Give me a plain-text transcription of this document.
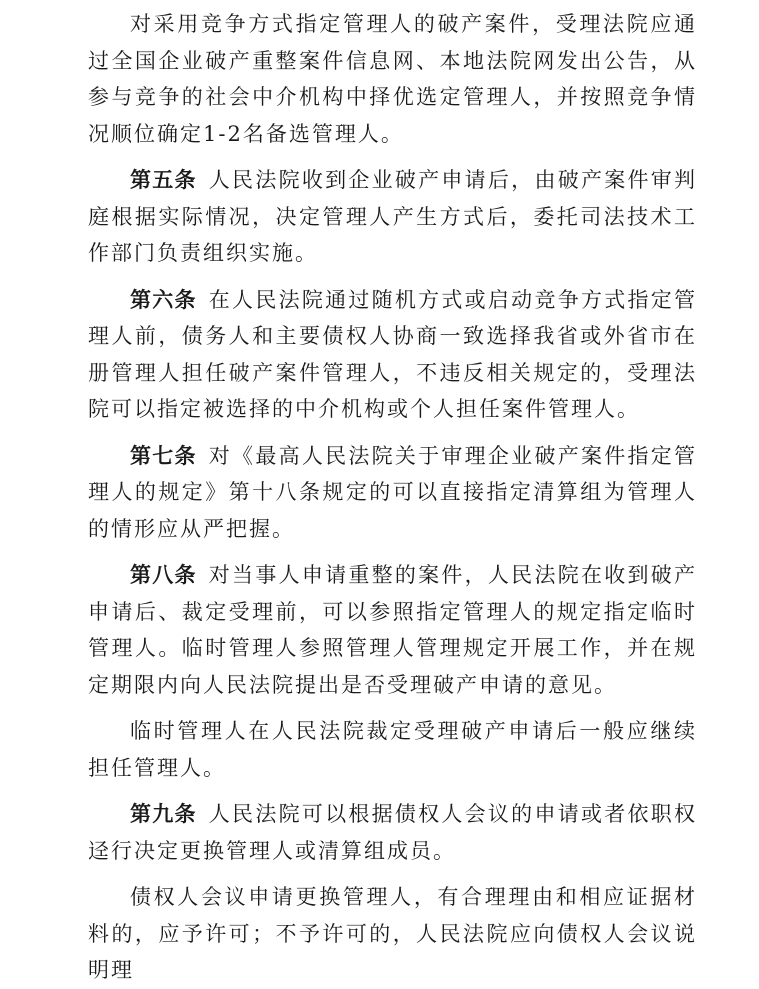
对采用竞争方式指定管理人的破产案件，受理法院应通过全国企业破产重整案件信息网、本地法院网发出公告，从参与竞争的社会中介机构中择优选定管理人，并按照竞争情况顺位确定1-2名备选管理人。

第五条 人民法院收到企业破产申请后，由破产案件审判庭根据实际情况，决定管理人产生方式后，委托司法技术工作部门负责组织实施。

第六条 在人民法院通过随机方式或启动竞争方式指定管理人前，债务人和主要债权人协商一致选择我省或外省市在册管理人担任破产案件管理人，不违反相关规定的，受理法院可以指定被选择的中介机构或个人担任案件管理人。

第七条 对《最高人民法院关于审理企业破产案件指定管理人的规定》第十八条规定的可以直接指定清算组为管理人的情形应从严把握。

第八条 对当事人申请重整的案件，人民法院在收到破产申请后、裁定受理前，可以参照指定管理人的规定指定临时管理人。临时管理人参照管理人管理规定开展工作，并在规定期限内向人民法院提出是否受理破产申请的意见。

临时管理人在人民法院裁定受理破产申请后一般应继续担任管理人。

第九条 人民法院可以根据债权人会议的申请或者依职权迳行决定更换管理人或清算组成员。

债权人会议申请更换管理人，有合理理由和相应证据材料的，应予许可；不予许可的，人民法院应向债权人会议说明理
